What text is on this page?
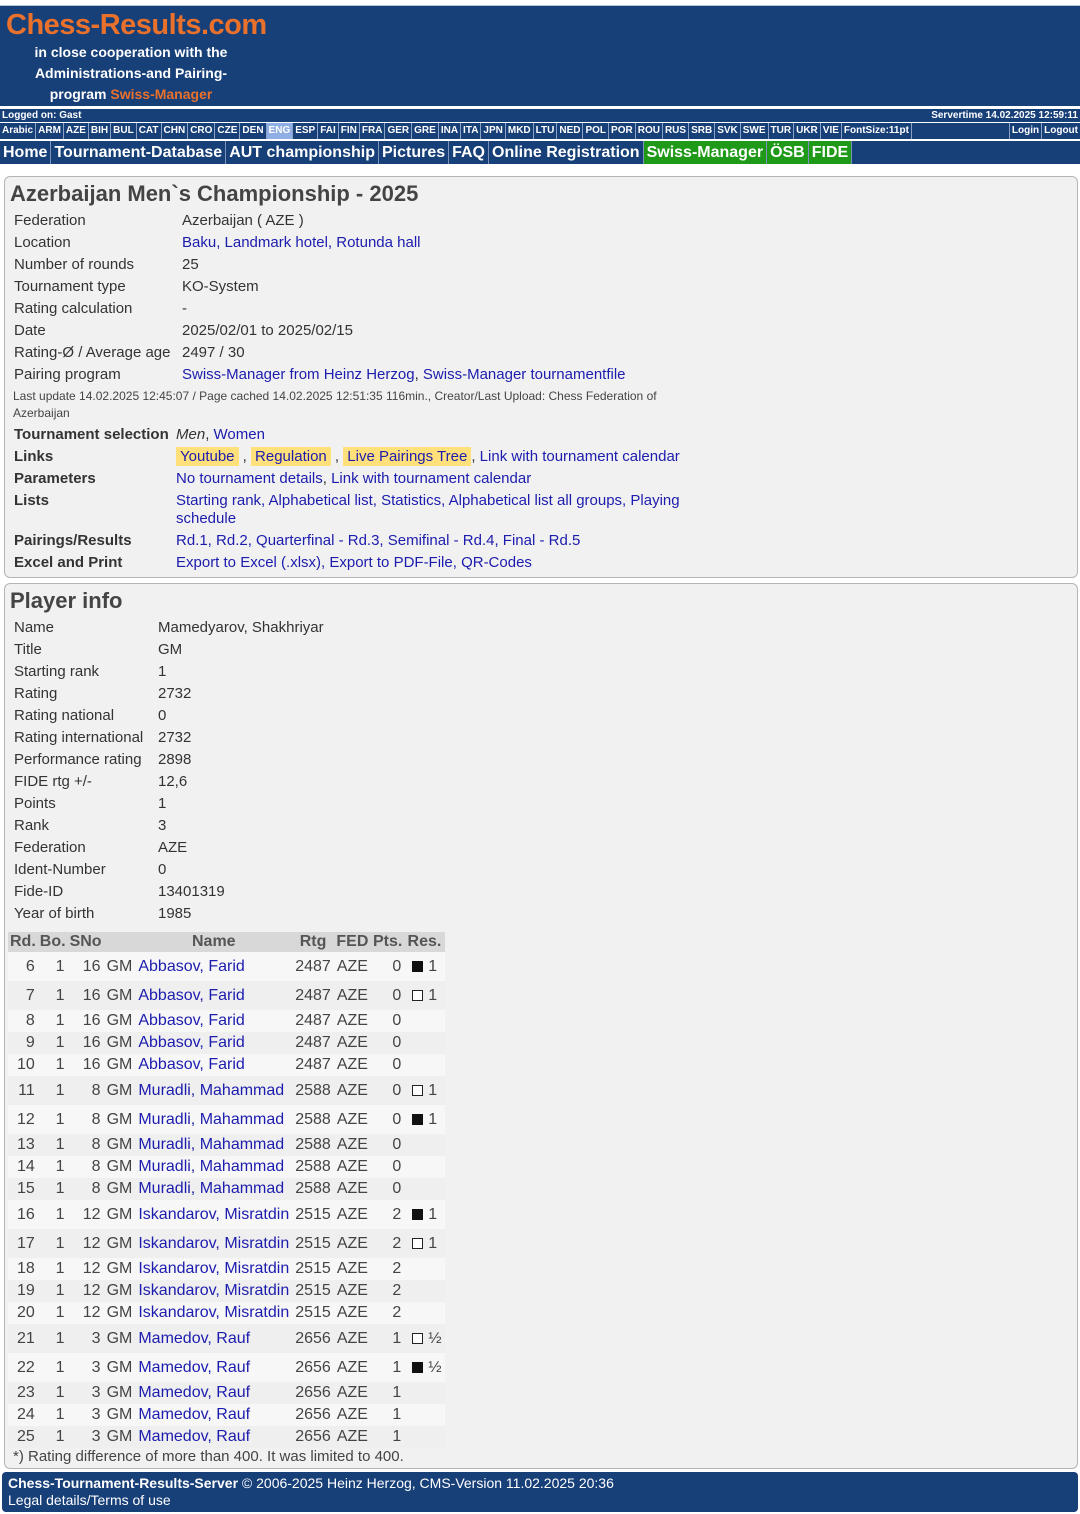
Chess-Results.com
in close cooperation with the
Administrations-and Pairing-
program Swiss-Manager
Logged on: Gast	Servertime 14.02.2025 12:59:11
Arabic ARM AZE BIH BUL CAT CHN CRO CZE DEN ENG ESP FAI FIN FRA GER GRE INA ITA JPN MKD LTU NED POL POR ROU RUS SRB SVK SWE TUR UKR VIE FontSize:11pt	Login Logout
Home Tournament-Database AUT championship Pictures FAQ Online Registration Swiss-Manager ÖSB FIDE
Azerbaijan Men`s Championship - 2025
Federation	Azerbaijan ( AZE )
Location	Baku, Landmark hotel, Rotunda hall
Number of rounds	25
Tournament type	KO-System
Rating calculation	-
Date	2025/02/01 to 2025/02/15
Rating-Ø / Average age 2497 / 30
Pairing program	Swiss-Manager from Heinz Herzog, Swiss-Manager tournamentfile
Last update 14.02.2025 12:45:07 / Page cached 14.02.2025 12:51:35 116min., Creator/Last Upload: Chess Federation of Azerbaijan
Tournament selection Men, Women
Links	Youtube , Regulation , Live Pairings Tree , Link with tournament calendar
Parameters	No tournament details, Link with tournament calendar
Lists	Starting rank, Alphabetical list, Statistics, Alphabetical list all groups, Playing
schedule
Pairings/Results	Rd.1, Rd.2, Quarterfinal - Rd.3, Semifinal - Rd.4, Final - Rd.5
Excel and Print	Export to Excel (.xlsx), Export to PDF-File, QR-Codes
Player info
Name	Mamedyarov, Shakhriyar
Title	GM
Starting rank	1
Rating	2732
Rating national	0
Rating international 2732
Performance rating 2898
FIDE rtg +/-	12,6
Points	1
Rank	3
Federation	AZE
Ident-Number	0
Fide-ID	13401319
Year of birth	1985
*) Rating difference of more than 400. It was limited to 400.
Rd.	Bo.	SNo		Name	Rtg	FED	Pts.	Res.
6	1	16	GM	Abbasov, Farid	2487	AZE	0	1
7	1	16	GM	Abbasov, Farid	2487	AZE	0	1
8	1	16	GM	Abbasov, Farid	2487	AZE	0	
9	1	16	GM	Abbasov, Farid	2487	AZE	0	
10	1	16	GM	Abbasov, Farid	2487	AZE	0	
11	1	8	GM	Muradli, Mahammad	2588	AZE	0	1
12	1	8	GM	Muradli, Mahammad	2588	AZE	0	1
13	1	8	GM	Muradli, Mahammad	2588	AZE	0	
14	1	8	GM	Muradli, Mahammad	2588	AZE	0	
15	1	8	GM	Muradli, Mahammad	2588	AZE	0	
16	1	12	GM	Iskandarov, Misratdin	2515	AZE	2	1
17	1	12	GM	Iskandarov, Misratdin	2515	AZE	2	1
18	1	12	GM	Iskandarov, Misratdin	2515	AZE	2	
19	1	12	GM	Iskandarov, Misratdin	2515	AZE	2	
20	1	12	GM	Iskandarov, Misratdin	2515	AZE	2	
21	1	3	GM	Mamedov, Rauf	2656	AZE	1	½
22	1	3	GM	Mamedov, Rauf	2656	AZE	1	½
23	1	3	GM	Mamedov, Rauf	2656	AZE	1	
24	1	3	GM	Mamedov, Rauf	2656	AZE	1	
25	1	3	GM	Mamedov, Rauf	2656	AZE	1	
Chess-Tournament-Results-Server © 2006-2025 Heinz Herzog, CMS-Version 11.02.2025 20:36
Legal details/Terms of use
